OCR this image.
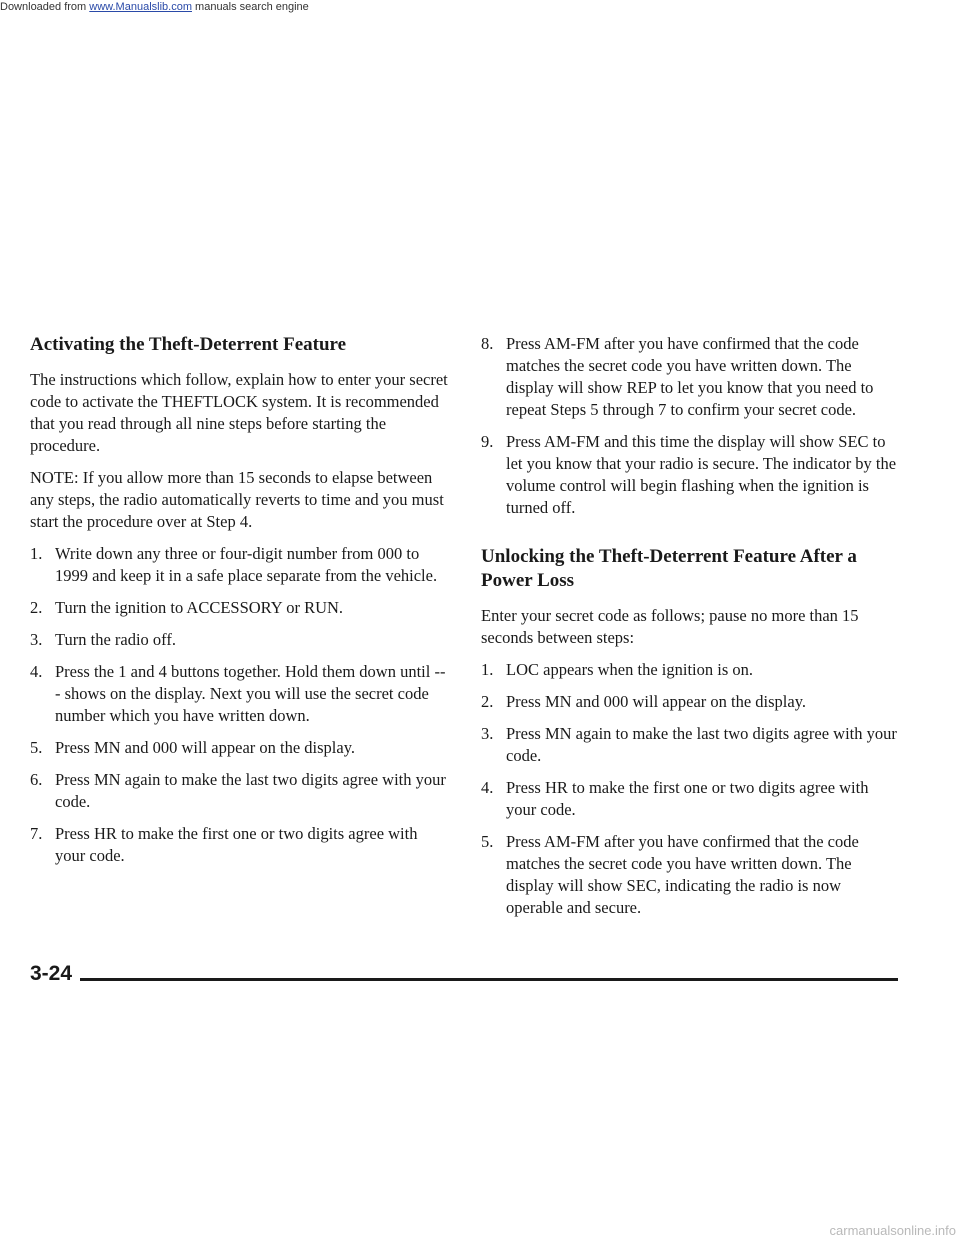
Downloaded from www.Manualslib.com manuals search engine
Activating the Theft-Deterrent Feature

The instructions which follow, explain how to enter your secret code to activate the THEFTLOCK system. It is recommended that you read through all nine steps before starting the procedure.

NOTE: If you allow more than 15 seconds to elapse between any steps, the radio automatically reverts to time and you must start the procedure over at Step 4.

1. Write down any three or four-digit number from 000 to 1999 and keep it in a safe place separate from the vehicle.
2. Turn the ignition to ACCESSORY or RUN.
3. Turn the radio off.
4. Press the 1 and 4 buttons together. Hold them down until --- shows on the display. Next you will use the secret code number which you have written down.
5. Press MN and 000 will appear on the display.
6. Press MN again to make the last two digits agree with your code.
7. Press HR to make the first one or two digits agree with your code.
8. Press AM-FM after you have confirmed that the code matches the secret code you have written down. The display will show REP to let you know that you need to repeat Steps 5 through 7 to confirm your secret code.
9. Press AM-FM and this time the display will show SEC to let you know that your radio is secure. The indicator by the volume control will begin flashing when the ignition is turned off.
Unlocking the Theft-Deterrent Feature After a Power Loss

Enter your secret code as follows; pause no more than 15 seconds between steps:

1. LOC appears when the ignition is on.
2. Press MN and 000 will appear on the display.
3. Press MN again to make the last two digits agree with your code.
4. Press HR to make the first one or two digits agree with your code.
5. Press AM-FM after you have confirmed that the code matches the secret code you have written down. The display will show SEC, indicating the radio is now operable and secure.
3-24
carmanualsonline.info
